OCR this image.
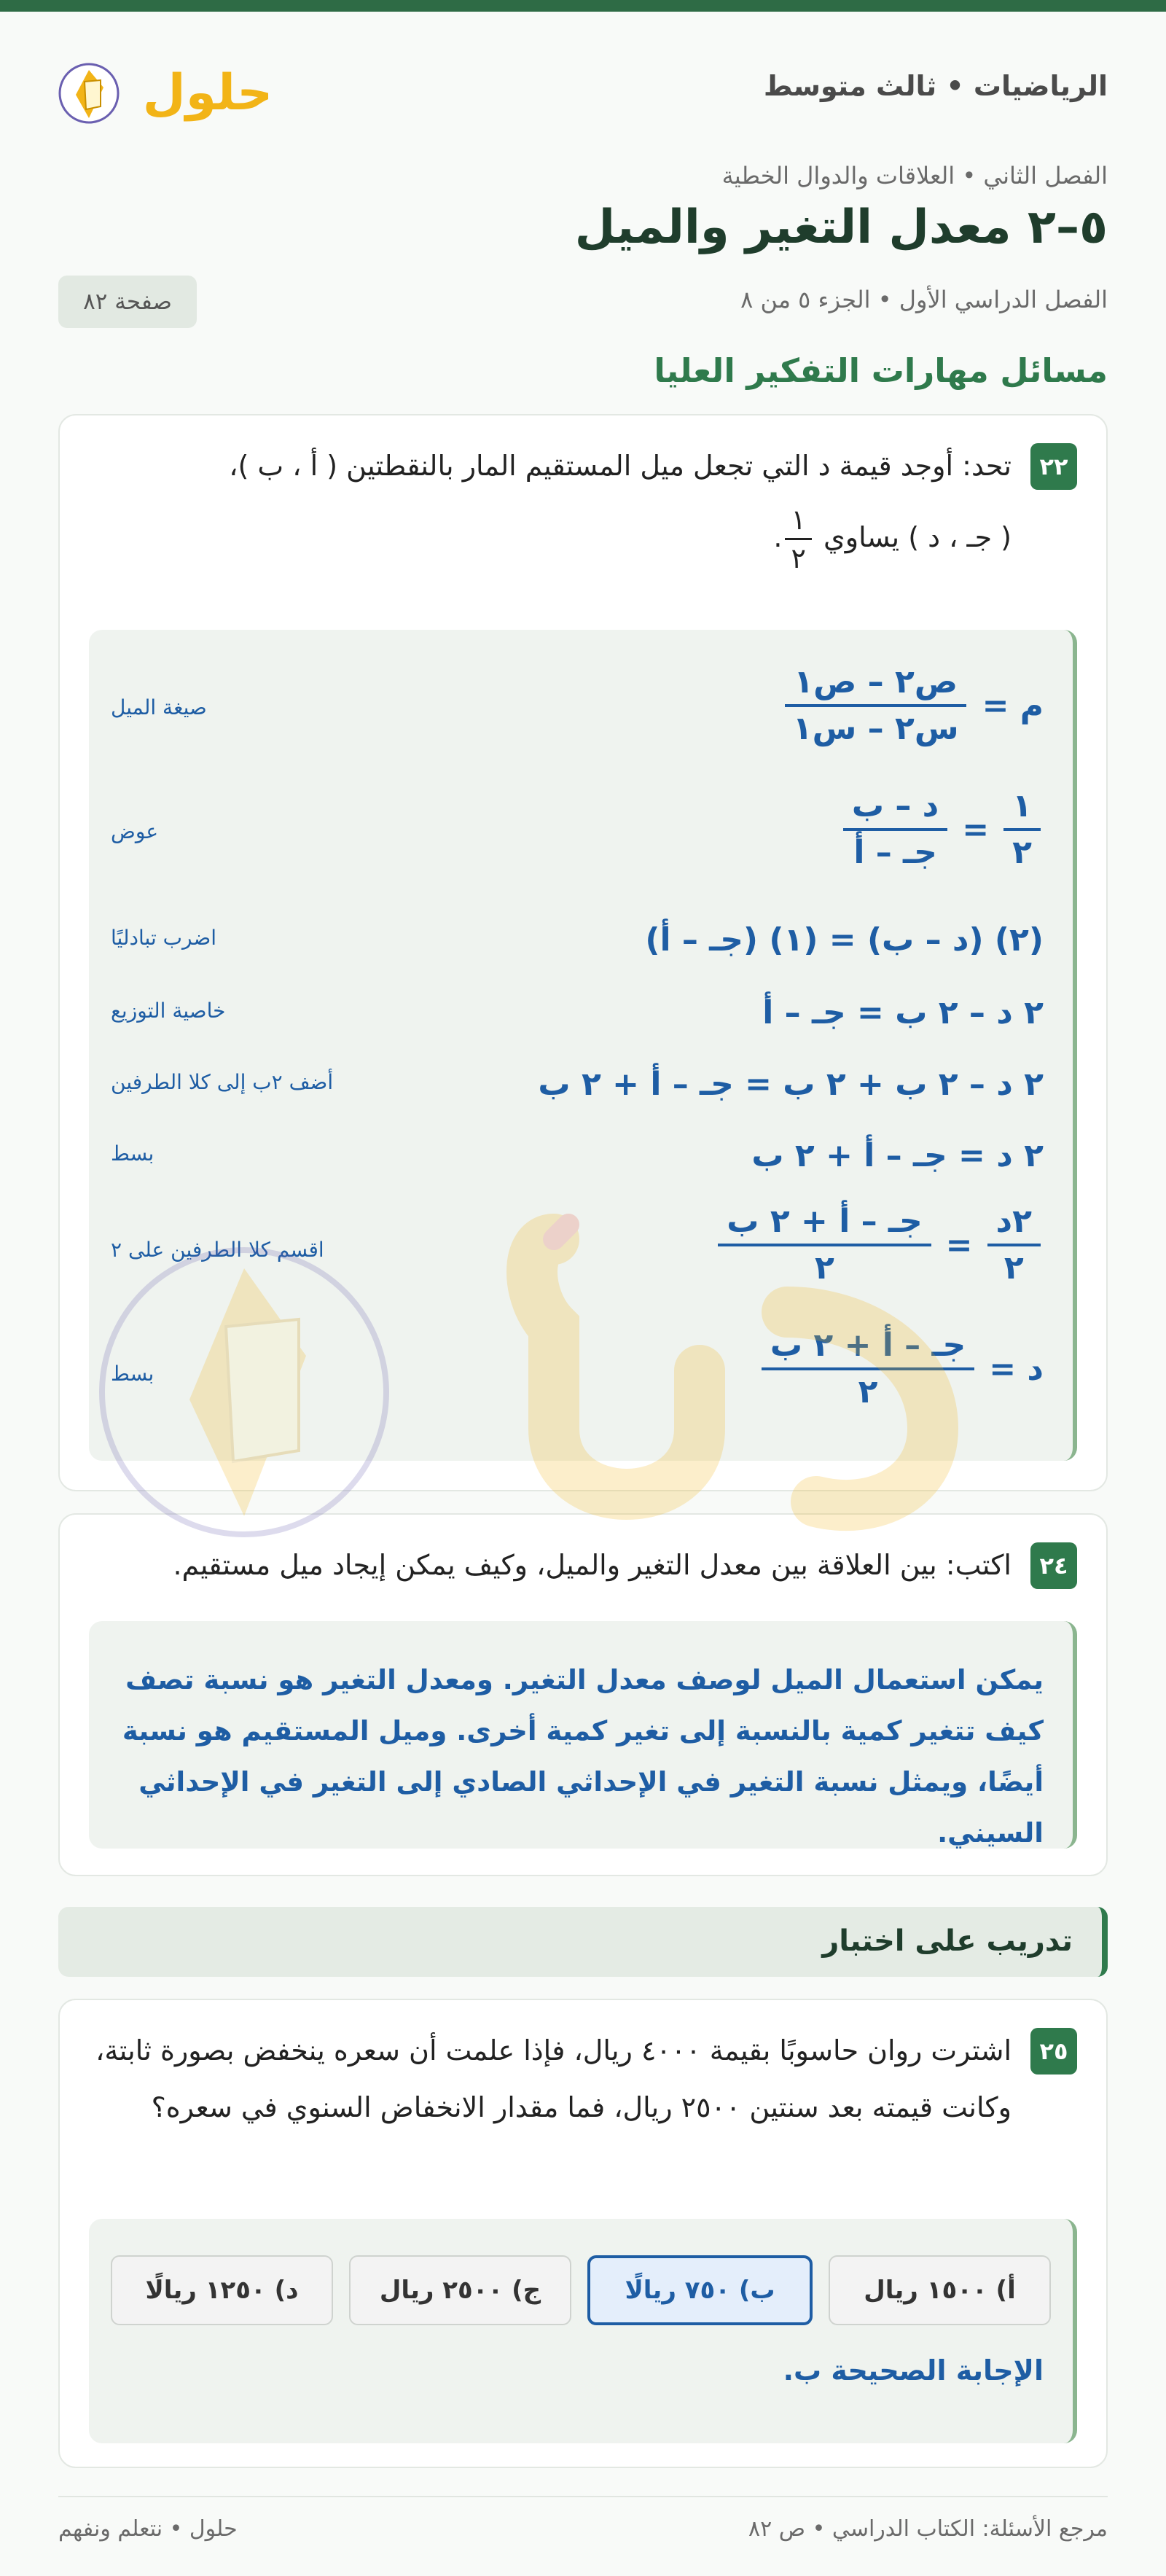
الرياضيات • ثالث متوسط
حلول
الفصل الثاني • العلاقات والدوال الخطية
٥–٢ معدل التغير والميل
الفصل الدراسي الأول • الجزء ٥ من ٨
صفحة ٨٢
مسائل مهارات التفكير العليا
٢٢
تحد: أوجد قيمة د التي تجعل ميل المستقيم المار بالنقطتين ( أ ، ب )،
( جـ ، د ) يساوي
$\frac{١}{٢}$
.
م =
$\frac{\text{ص٢ – ص١}}{\text{س٢ – س١}}$
صيغة الميل
$\frac{١}{٢}$
=
$\frac{\text{د – ب}}{\text{جـ – أ}}$
عوض
(٢) (د – ب) = (١) (جـ – أ)
اضرب تبادليًا
٢ د – ٢ ب = جـ – أ
خاصية التوزيع
٢ د – ٢ ب + ٢ ب = جـ – أ + ٢ ب
أضف ٢ب إلى كلا الطرفين
٢ د = جـ – أ + ٢ ب
بسط
$\frac{\text{٢د}}{٢}$
=
$\frac{\text{جـ – أ + ٢ ب}}{٢}$
اقسم كلا الطرفين على ٢
د =
$\frac{\text{جـ – أ + ٢ ب}}{٢}$
بسط
٢٤
اكتب: بين العلاقة بين معدل التغير والميل، وكيف يمكن إيجاد ميل مستقيم.
يمكن استعمال الميل لوصف معدل التغير. ومعدل التغير هو نسبة تصف كيف تتغير كمية بالنسبة إلى تغير كمية أخرى. وميل المستقيم هو نسبة أيضًا، ويمثل نسبة التغير في الإحداثي الصادي إلى التغير في الإحداثي السيني.
تدريب على اختبار
٢٥
اشترت روان حاسوبًا بقيمة ٤٠٠٠ ريال، فإذا علمت أن سعره ينخفض بصورة ثابتة، وكانت قيمته بعد سنتين ٢٥٠٠ ريال، فما مقدار الانخفاض السنوي في سعره؟
أ) ١٥٠٠ ريال
ب) ٧٥٠ ريالًا
ج) ٢٥٠٠ ريال
د) ١٢٥٠ ريالًا
الإجابة الصحيحة ب.
مرجع الأسئلة: الكتاب الدراسي • ص ٨٢
حلول • نتعلم ونفهم
